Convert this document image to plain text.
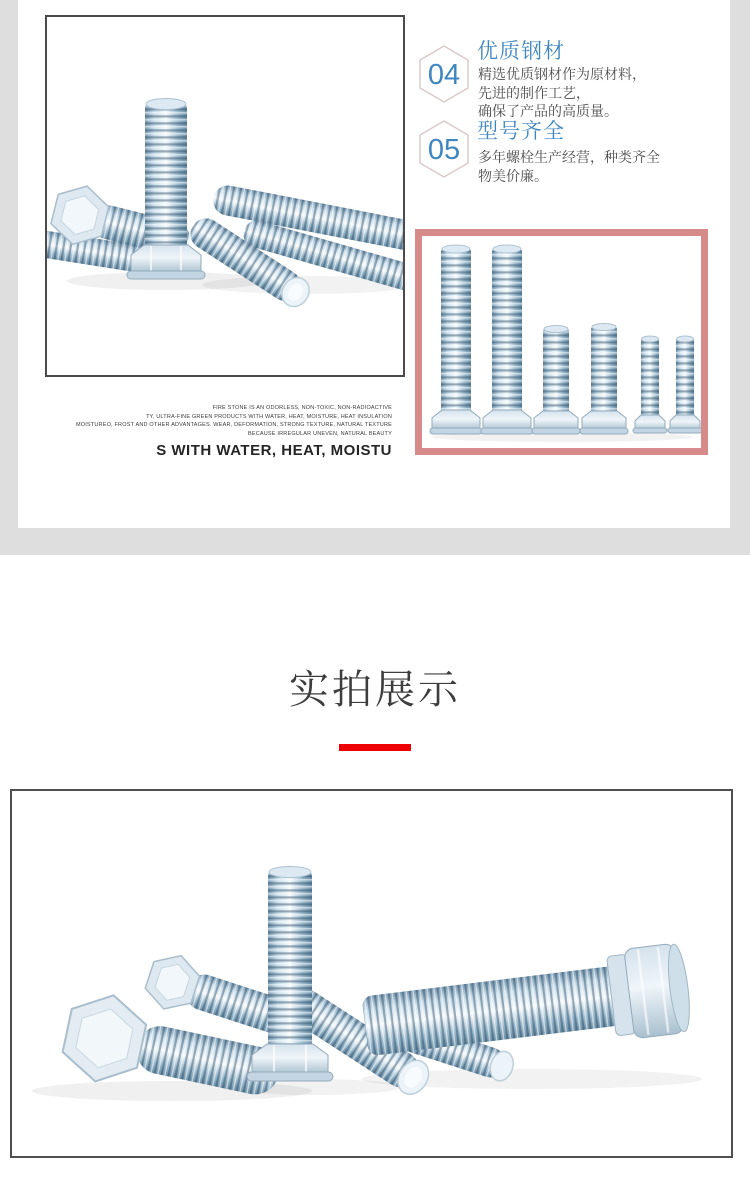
04
优质钢材
精选优质钢材作为原材料，
先进的制作工艺，
确保了产品的高质量。
05
型号齐全
多年螺栓生产经营，种类齐全
物美价廉。
FIRE STONE IS AN ODORLESS, NON-TOXIC, NON-RADIOACTIVE
TY, ULTRA-FINE GREEN PRODUCTS WITH WATER, HEAT, MOISTURE, HEAT INSULATION
MOISTUREO, FROST AND OTHER ADVANTAGES. WEAR, DEFORMATION, STRONG TEXTURE, NATURAL TEXTURE
BECAUSE IRREGULAR UNEVEN, NATURAL BEAUTY
S WITH WATER, HEAT, MOISTU
实拍展示
